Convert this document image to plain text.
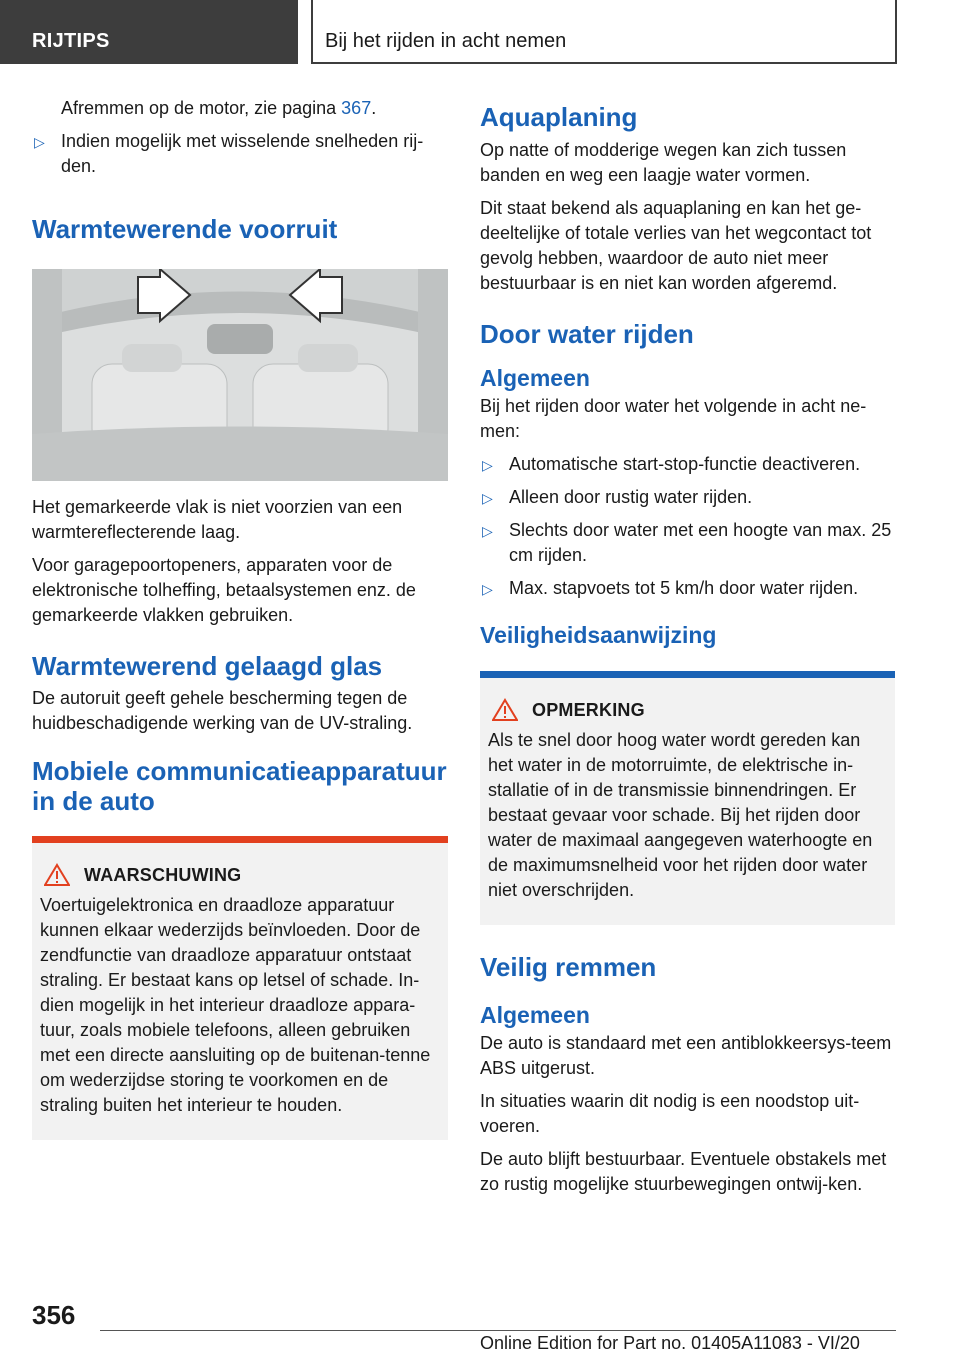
RIJTIPS	Bij het rijden in acht nemen

Afremmen op de motor, zie pagina 367.

▷ Indien mogelijk met wisselende snelheden rij-den.
Warmtewerende voorruit

Het gemarkeerde vlak is niet voorzien van een warmtereflecterende laag.

Voor garagepoortopeners, apparaten voor de elektronische tolheffing, betaalsystemen enz. de gemarkeerde vlakken gebruiken.

Warmtewerend gelaagd glas

De autoruit geeft gehele bescherming tegen de huidbeschadigende werking van de UV-straling.

Mobiele communicatieapparatuur in de auto
WAARSCHUWING

Voertuigelektronica en draadloze apparatuur kunnen elkaar wederzijds beïnvloeden. Door de zendfunctie van draadloze apparatuur ontstaat straling. Er bestaat kans op letsel of schade. In-dien mogelijk in het interieur draadloze appara-tuur, zoals mobiele telefoons, alleen gebruiken met een directe aansluiting op de buitenan-tenne om wederzijdse storing te voorkomen en de straling buiten het interieur te houden.

Aquaplaning

Op natte of modderige wegen kan zich tussen banden en weg een laagje water vormen.

Dit staat bekend als aquaplaning en kan het ge-deeltelijke of totale verlies van het wegcontact tot gevolg hebben, waardoor de auto niet meer bestuurbaar is en niet kan worden afgeremd.

Door water rijden
Algemeen

Bij het rijden door water het volgende in acht ne-men:

▷ Automatische start-stop-functie deactiveren.
▷ Alleen door rustig water rijden.
▷ Slechts door water met een hoogte van max. 25 cm rijden.
▷ Max. stapvoets tot 5 km/h door water rijden.
Veiligheidsaanwijzing
OPMERKING

Als te snel door hoog water wordt gereden kan het water in de motorruimte, de elektrische in-stallatie of in de transmissie binnendringen. Er bestaat gevaar voor schade. Bij het rijden door water de maximaal aangegeven waterhoogte en de maximumsnelheid voor het rijden door water niet overschrijden.

Veilig remmen
Algemeen

De auto is standaard met een antiblokkeersys-teem ABS uitgerust.

In situaties waarin dit nodig is een noodstop uit-voeren.

De auto blijft bestuurbaar. Eventuele obstakels met zo rustig mogelijke stuurbewegingen ontwij-ken.

356
Online Edition for Part no. 01405A11083 - VI/20
